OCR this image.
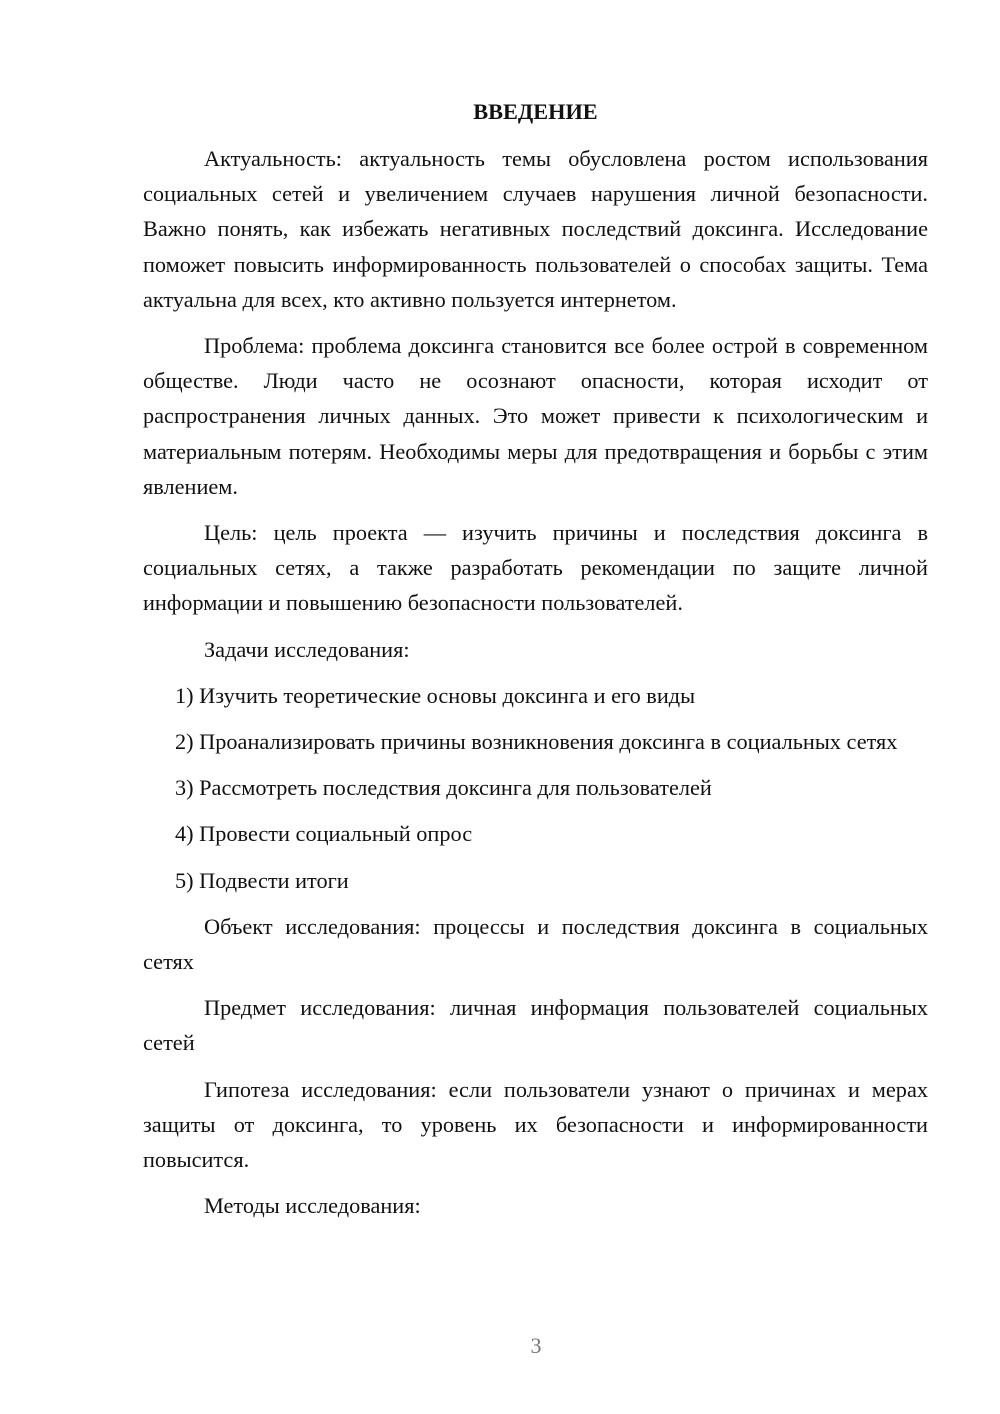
ВВЕДЕНИЕ

Актуальность: актуальность темы обусловлена ростом использования социальных сетей и увеличением случаев нарушения личной безопасности. Важно понять, как избежать негативных последствий доксинга. Исследование поможет повысить информированность пользователей о способах защиты. Тема актуальна для всех, кто активно пользуется интернетом.

Проблема: проблема доксинга становится все более острой в современном обществе. Люди часто не осознают опасности, которая исходит от распространения личных данных. Это может привести к психологическим и материальным потерям. Необходимы меры для предотвращения и борьбы с этим явлением.

Цель: цель проекта — изучить причины и последствия доксинга в социальных сетях, а также разработать рекомендации по защите личной информации и повышению безопасности пользователей.

Задачи исследования:

1) Изучить теоретические основы доксинга и его виды

2) Проанализировать причины возникновения доксинга в социальных сетях

3) Рассмотреть последствия доксинга для пользователей

4) Провести социальный опрос

5) Подвести итоги

Объект исследования: процессы и последствия доксинга в социальных сетях

Предмет исследования: личная информация пользователей социальных сетей

Гипотеза исследования: если пользователи узнают о причинах и мерах защиты от доксинга, то уровень их безопасности и информированности повысится.

Методы исследования:

3
